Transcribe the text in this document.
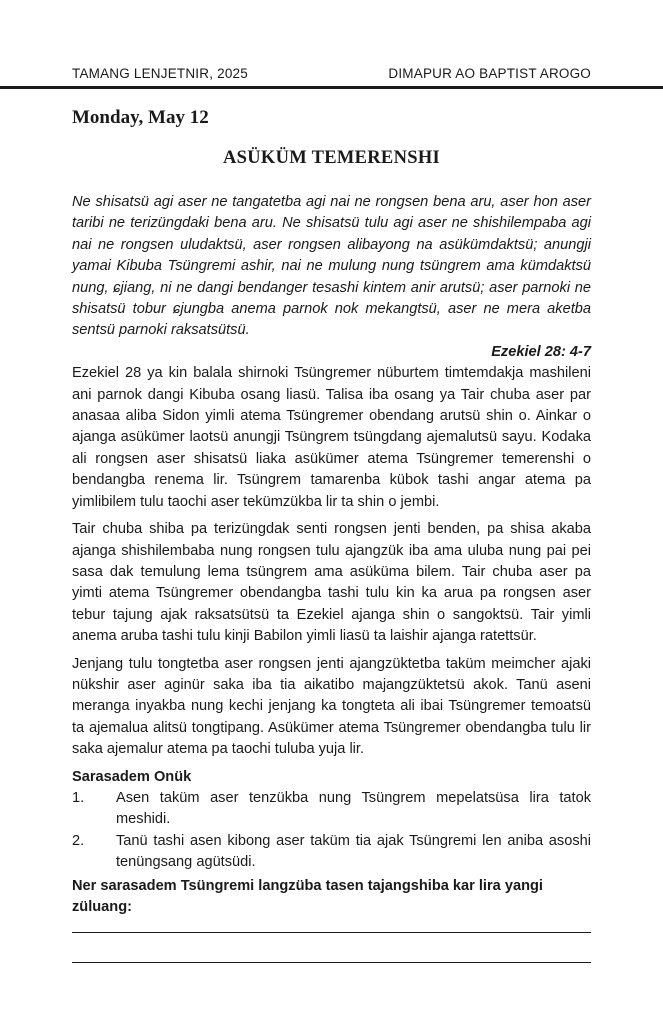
TAMANG LENJETNIR, 2025	DIMAPUR AO BAPTIST AROGO
Monday, May 12
ASÜKÜM TEMERENSHI

Ne shisatsü agi aser ne tangatetba agi nai ne rongsen bena aru, aser hon aser taribi ne terizüngdaki bena aru. Ne shisatsü tulu agi aser ne shishilempaba agi nai ne rongsen uludaktsü, aser rongsen alibayong na asükümdaktsü; anungji yamai Kibuba Tsüngremi ashir, nai ne mulung nung tsüngrem ama kümdaktsü nung, ɕjiang, ni ne dangi bendanger tesashi kintem anir arutsü; aser parnoki ne shisatsü tobur ɕjungba anema parnok nok mekangtsü, aser ne mera aketba sentsü parnoki raksatsütsü.

Ezekiel 28: 4-7

Ezekiel 28 ya kin balala shirnoki Tsüngremer nüburtem timtemdakja mashileni ani parnok dangi Kibuba osang liasü. Talisa iba osang ya Tair chuba aser par anasaa aliba Sidon yimli atema Tsüngremer obendang arutsü shin o. Ainkar o ajanga asükümer laotsü anungji Tsüngrem tsüngdang ajemalutsü sayu. Kodaka ali rongsen aser shisatsü liaka asükümer atema Tsüngremer temerenshi o bendangba renema lir. Tsüngrem tamarenba kübok tashi angar atema pa yimlibilem tulu taochi aser tekümzükba lir ta shin o jembi.

Tair chuba shiba pa terizüngdak senti rongsen jenti benden, pa shisa akaba ajanga shishilembaba nung rongsen tulu ajangzük iba ama uluba nung pai pei sasa dak temulung lema tsüngrem ama asüküma bilem. Tair chuba aser pa yimti atema Tsüngremer obendangba tashi tulu kin ka arua pa rongsen aser tebur tajung ajak raksatsütsü ta Ezekiel ajanga shin o sangoktsü. Tair yimli anema aruba tashi tulu kinji Babilon yimli liasü ta laishir ajanga ratettsür.

Jenjang tulu tongtetba aser rongsen jenti ajangzüktetba taküm meimcher ajaki nükshir aser aginür saka iba tia aikatibo majangzüktetsü akok. Tanü aseni meranga inyakba nung kechi jenjang ka tongteta ali ibai Tsüngremer temoatsü ta ajemalua alitsü tongtipang. Asükümer atema Tsüngremer obendangba tulu lir saka ajemalur atema pa taochi tuluba yuja lir.

Sarasadem Onük

1.	Asen taküm aser tenzükba nung Tsüngrem mepelatsüsa lira tatok meshidi.
2.	Tanü tashi asen kibong aser taküm tia ajak Tsüngremi len aniba asoshi tenüngsang agütsüdi.

Ner sarasadem Tsüngremi langzüba tasen tajangshiba kar lira yangi züluang:
